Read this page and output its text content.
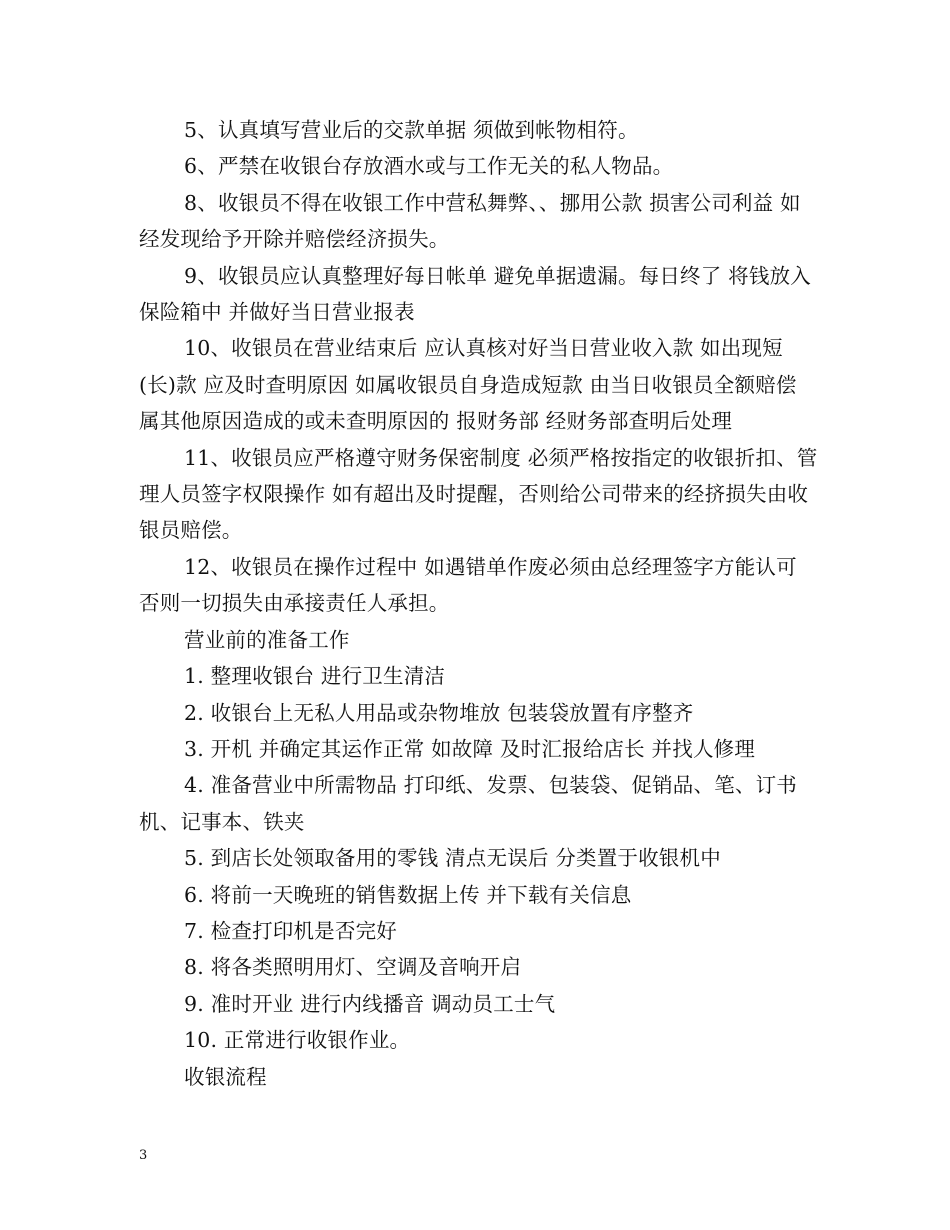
5、认真填写营业后的交款单据 须做到帐物相符。

6、严禁在收银台存放酒水或与工作无关的私人物品。

8、收银员不得在收银工作中营私舞弊、、挪用公款 损害公司利益 如经发现给予开除并赔偿经济损失。

9、收银员应认真整理好每日帐单 避免单据遗漏。每日终了 将钱放入保险箱中 并做好当日营业报表

10、收银员在营业结束后 应认真核对好当日营业收入款 如出现短(长)款 应及时查明原因 如属收银员自身造成短款 由当日收银员全额赔偿 属其他原因造成的或未查明原因的 报财务部 经财务部查明后处理

11、收银员应严格遵守财务保密制度 必须严格按指定的收银折扣、管理人员签字权限操作 如有超出及时提醒，否则给公司带来的经挤损失由收银员赔偿。

12、收银员在操作过程中 如遇错单作废必须由总经理签字方能认可 否则一切损失由承接责任人承担。

营业前的准备工作

1. 整理收银台 进行卫生清洁

2. 收银台上无私人用品或杂物堆放 包装袋放置有序整齐

3. 开机 并确定其运作正常 如故障 及时汇报给店长 并找人修理

4. 准备营业中所需物品 打印纸、发票、包装袋、促销品、笔、订书机、记事本、铁夹

5. 到店长处领取备用的零钱 清点无误后 分类置于收银机中

6. 将前一天晚班的销售数据上传 并下载有关信息

7. 检查打印机是否完好

8. 将各类照明用灯、空调及音响开启

9. 准时开业 进行内线播音 调动员工士气

10. 正常进行收银作业。

收银流程

3
